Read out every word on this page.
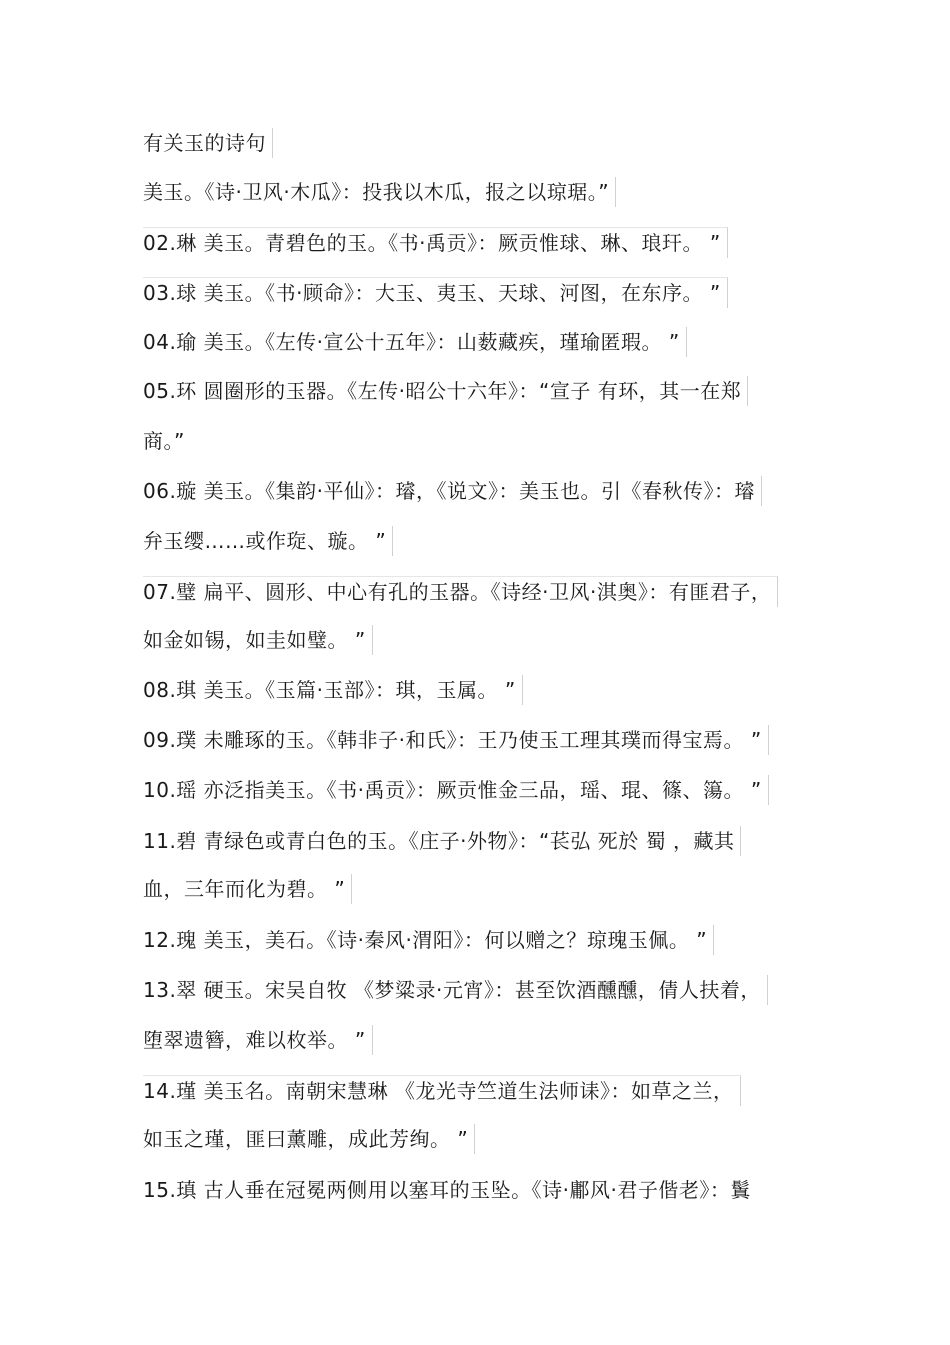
有关玉的诗句
美玉。《诗·卫风·木瓜》：投我以木瓜，报之以琼琚。”
02.琳 美玉。青碧色的玉。《书·禹贡》：厥贡惟球、琳、琅玕。 ”
03.球 美玉。《书·顾命》：大玉、夷玉、天球、河图，在东序。 ”
04.瑜 美玉。《左传·宣公十五年》：山薮藏疾，瑾瑜匿瑕。 ”
05.环 圆圈形的玉器。《左传·昭公十六年》：“宣子 有环，其一在郑
商。”
06.璇 美玉。《集韵·平仙》：璿，《说文》：美玉也。引《春秋传》：璿
弁玉缨……或作琁、璇。 ”
07.璧 扁平、圆形、中心有孔的玉器。《诗经·卫风·淇奥》：有匪君子，
如金如锡，如圭如璧。 ”
08.琪 美玉。《玉篇·玉部》：琪，玉属。 ”
09.璞 未雕琢的玉。《韩非子·和氏》：王乃使玉工理其璞而得宝焉。 ”
10.瑶 亦泛指美玉。《书·禹贡》：厥贡惟金三品，瑶、琨、篠、簜。 ”
11.碧 青绿色或青白色的玉。《庄子·外物》：“苌弘 死於 蜀 ，藏其
血，三年而化为碧。 ”
12.瑰 美玉，美石。《诗·秦风·渭阳》：何以赠之？琼瑰玉佩。 ”
13.翠 硬玉。宋吴自牧 《梦粱录·元宵》：甚至饮酒醺醺，倩人扶着，
堕翠遗簪，难以枚举。 ”
14.瑾 美玉名。南朝宋慧琳 《龙光寺竺道生法师诔》：如草之兰，
如玉之瑾，匪曰薰雕，成此芳绚。 ”
15.瑱 古人垂在冠冕两侧用以塞耳的玉坠。《诗·鄘风·君子偕老》：鬒
